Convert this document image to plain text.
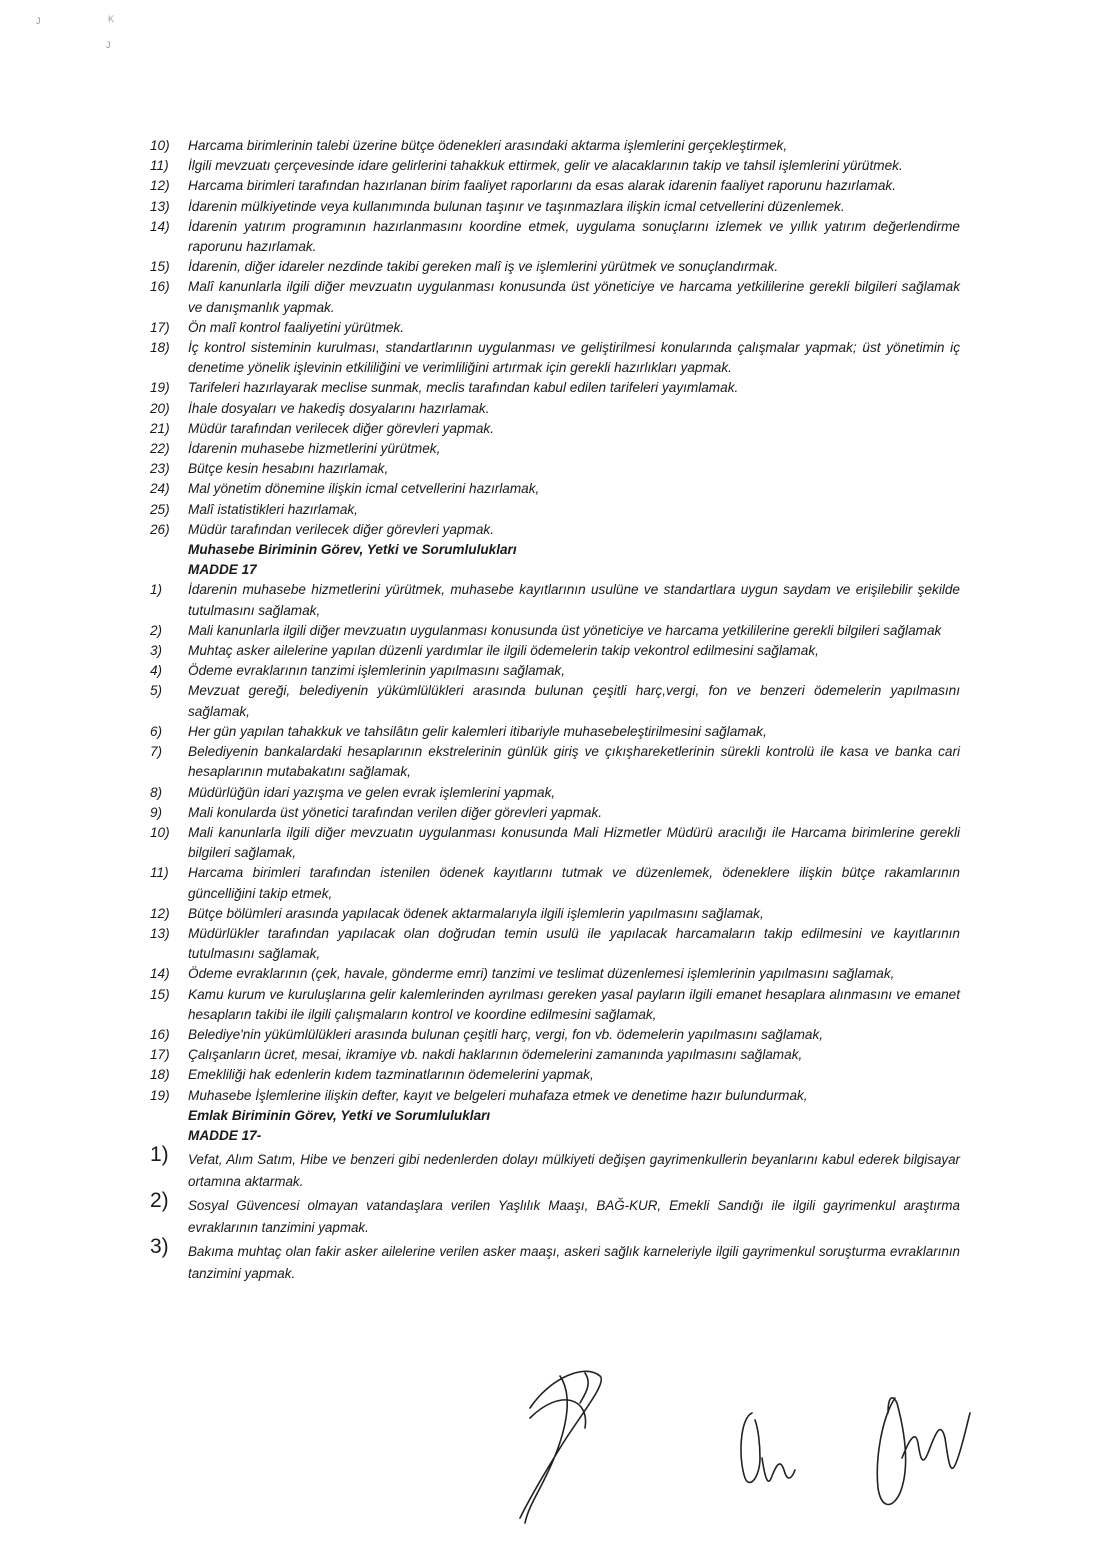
J	K
J

10)	Harcama birimlerinin talebi üzerine bütçe ödenekleri arasındaki aktarma işlemlerini gerçekleştirmek,

11)	İlgili mevzuatı çerçevesinde idare gelirlerini tahakkuk ettirmek, gelir ve alacaklarının takip ve tahsil işlemlerini yürütmek.

12)	Harcama birimleri tarafından hazırlanan birim faaliyet raporlarını da esas alarak idarenin faaliyet raporunu hazırlamak.

13)	İdarenin mülkiyetinde veya kullanımında bulunan taşınır ve taşınmazlara ilişkin icmal cetvellerini düzenlemek.

14)	İdarenin yatırım programının hazırlanmasını koordine etmek, uygulama sonuçlarını izlemek ve yıllık yatırım değerlendirme raporunu hazırlamak.

15)	İdarenin, diğer idareler nezdinde takibi gereken malî iş ve işlemlerini yürütmek ve sonuçlandırmak.

16)	Malî kanunlarla ilgili diğer mevzuatın uygulanması konusunda üst yöneticiye ve harcama yetkililerine gerekli bilgileri sağlamak ve danışmanlık yapmak.

17)	Ön malî kontrol faaliyetini yürütmek.

18)	İç kontrol sisteminin kurulması, standartlarının uygulanması ve geliştirilmesi konularında çalışmalar yapmak; üst yönetimin iç denetime yönelik işlevinin etkililiğini ve verimliliğini artırmak için gerekli hazırlıkları yapmak.

19)	Tarifeleri hazırlayarak meclise sunmak, meclis tarafından kabul edilen tarifeleri yayımlamak.

20)	İhale dosyaları ve hakediş dosyalarını hazırlamak.

21)	Müdür tarafından verilecek diğer görevleri yapmak.

22)	İdarenin muhasebe hizmetlerini yürütmek,

23)	Bütçe kesin hesabını hazırlamak,

24)	Mal yönetim dönemine ilişkin icmal cetvellerini hazırlamak,

25)	Malî istatistikleri hazırlamak,

26)	Müdür tarafından verilecek diğer görevleri yapmak.

Muhasebe Biriminin Görev, Yetki ve Sorumlulukları

MADDE 17

1)	İdarenin muhasebe hizmetlerini yürütmek, muhasebe kayıtlarının usulüne ve standartlara uygun saydam ve erişilebilir şekilde tutulmasını sağlamak,

2)	Mali kanunlarla ilgili diğer mevzuatın uygulanması konusunda üst yöneticiye ve harcama yetkililerine gerekli bilgileri sağlamak

3)	Muhtaç asker ailelerine yapılan düzenli yardımlar ile ilgili ödemelerin takip vekontrol edilmesini sağlamak,

4)	Ödeme evraklarının tanzimi işlemlerinin yapılmasını sağlamak,

5)	Mevzuat gereği, belediyenin yükümlülükleri arasında bulunan çeşitli harç,vergi, fon ve benzeri ödemelerin yapılmasını sağlamak,

6)	Her gün yapılan tahakkuk ve tahsilâtın gelir kalemleri itibariyle muhasebeleştirilmesini sağlamak,

7)	Belediyenin bankalardaki hesaplarının ekstrelerinin günlük giriş ve çıkışhareketlerinin sürekli kontrolü ile kasa ve banka cari hesaplarının mutabakatını sağlamak,

8)	Müdürlüğün idari yazışma ve gelen evrak işlemlerini yapmak,

9)	Mali konularda üst yönetici tarafından verilen diğer görevleri yapmak.

10)	Mali kanunlarla ilgili diğer mevzuatın uygulanması konusunda Mali Hizmetler Müdürü aracılığı ile Harcama birimlerine gerekli bilgileri sağlamak,

11)	Harcama birimleri tarafından istenilen ödenek kayıtlarını tutmak ve düzenlemek, ödeneklere ilişkin bütçe rakamlarının güncelliğini takip etmek,

12)	Bütçe bölümleri arasında yapılacak ödenek aktarmalarıyla ilgili işlemlerin yapılmasını sağlamak,

13)	Müdürlükler tarafından yapılacak olan doğrudan temin usulü ile yapılacak harcamaların takip edilmesini ve kayıtlarının tutulmasını sağlamak,

14)	Ödeme evraklarının (çek, havale, gönderme emri) tanzimi ve teslimat düzenlemesi işlemlerinin yapılmasını sağlamak,

15)	Kamu kurum ve kuruluşlarına gelir kalemlerinden ayrılması gereken yasal payların ilgili emanet hesaplara alınmasını ve emanet hesapların takibi ile ilgili çalışmaların kontrol ve koordine edilmesini sağlamak,

16)	Belediye'nin yükümlülükleri arasında bulunan çeşitli harç, vergi, fon vb. ödemelerin yapılmasını sağlamak,

17)	Çalışanların ücret, mesai, ikramiye vb. nakdi haklarının ödemelerini zamanında yapılmasını sağlamak,

18)	Emekliliği hak edenlerin kıdem tazminatlarının ödemelerini yapmak,

19)	Muhasebe İşlemlerine ilişkin defter, kayıt ve belgeleri muhafaza etmek ve denetime hazır bulundurmak,

Emlak Biriminin Görev, Yetki ve Sorumlulukları

MADDE 17-

1)	Vefat, Alım Satım, Hibe ve benzeri gibi nedenlerden dolayı mülkiyeti değişen gayrimenkullerin beyanlarını kabul ederek bilgisayar ortamına aktarmak.

2)	Sosyal Güvencesi olmayan vatandaşlara verilen Yaşlılık Maaşı, BAĞ-KUR, Emekli Sandığı ile ilgili gayrimenkul araştırma evraklarının tanzimini yapmak.

3)	Bakıma muhtaç olan fakir asker ailelerine verilen asker maaşı, askeri sağlık karneleriyle ilgili gayrimenkul soruşturma evraklarının tanzimini yapmak.
